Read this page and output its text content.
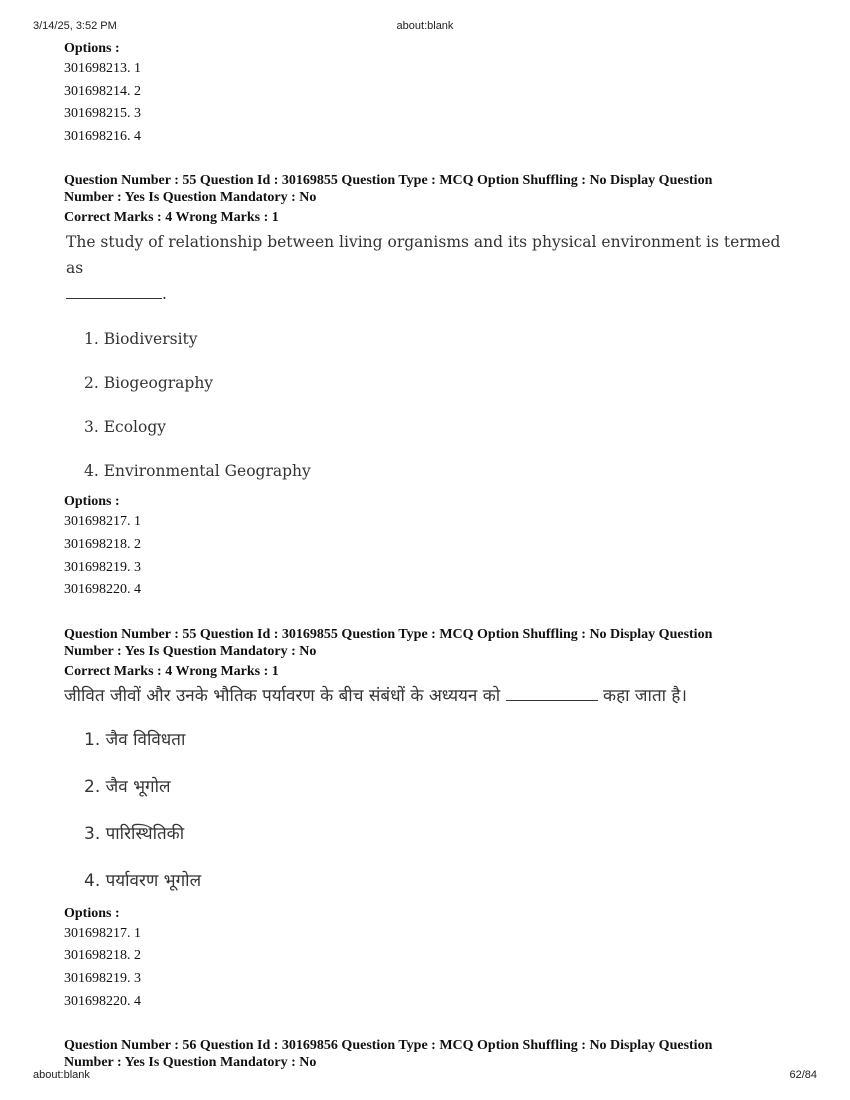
3/14/25, 3:52 PM	about:blank
Options :
301698213. 1
301698214. 2
301698215. 3
301698216. 4
Question Number : 55 Question Id : 30169855 Question Type : MCQ Option Shuffling : No Display Question
Number : Yes Is Question Mandatory : No
Correct Marks : 4 Wrong Marks : 1
The study of relationship between living organisms and its physical environment is termed as
.
1. Biodiversity
2. Biogeography
3. Ecology
4. Environmental Geography
Options :
301698217. 1
301698218. 2
301698219. 3
301698220. 4
Question Number : 55 Question Id : 30169855 Question Type : MCQ Option Shuffling : No Display Question
Number : Yes Is Question Mandatory : No
Correct Marks : 4 Wrong Marks : 1
जीवित जीवों और उनके भौतिक पर्यावरण के बीच संबंधों के अध्ययन को	कहा जाता है।
1. जैव विविधता
2. जैव भूगोल
3. पारिस्थितिकी
4. पर्यावरण भूगोल
Options :
301698217. 1
301698218. 2
301698219. 3
301698220. 4
Question Number : 56 Question Id : 30169856 Question Type : MCQ Option Shuffling : No Display Question
Number : Yes Is Question Mandatory : No
about:blank	62/84
